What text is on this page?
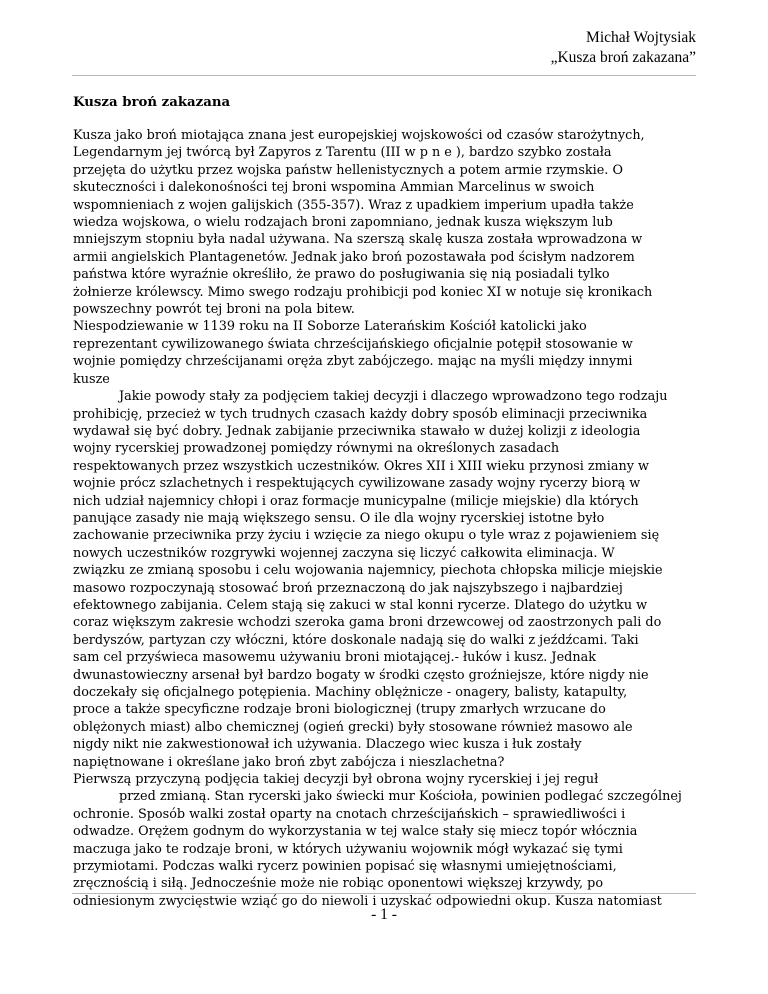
Michał Wojtysiak
„Kusza broń zakazana”
Kusza broń zakazana
Kusza jako broń miotająca znana jest europejskiej wojskowości od czasów starożytnych,
Legendarnym jej twórcą był Zapyros z Tarentu (III w p n e ), bardzo szybko została
przejęta do użytku przez wojska państw hellenistycznych a potem armie rzymskie. O
skuteczności i dalekonośności tej broni wspomina Ammian Marcelinus w swoich
wspomnieniach z wojen galijskich (355-357). Wraz z upadkiem imperium upadła także
wiedza wojskowa, o wielu rodzajach broni zapomniano, jednak kusza większym lub
mniejszym stopniu była nadal używana. Na szerszą skalę kusza została wprowadzona w
armii angielskich Plantagenetów. Jednak jako broń pozostawała pod ścisłym nadzorem
państwa które wyraźnie określiło, że prawo do posługiwania się nią posiadali tylko
żołnierze królewscy. Mimo swego rodzaju prohibicji pod koniec XI w notuje się kronikach
powszechny powrót tej broni na pola bitew.
Niespodziewanie w 1139 roku na II Soborze Laterańskim Kościół katolicki jako
reprezentant cywilizowanego świata chrześcijańskiego oficjalnie potępił stosowanie w
wojnie pomiędzy chrześcijanami oręża zbyt zabójczego. mając na myśli między innymi
kusze
Jakie powody stały za podjęciem takiej decyzji i dlaczego wprowadzono tego rodzaju
prohibicję, przecież w tych trudnych czasach każdy dobry sposób eliminacji przeciwnika
wydawał się być dobry. Jednak zabijanie przeciwnika stawało w dużej kolizji z ideologia
wojny rycerskiej prowadzonej pomiędzy równymi na określonych zasadach
respektowanych przez wszystkich uczestników. Okres XII i XIII wieku przynosi zmiany w
wojnie prócz szlachetnych i respektujących cywilizowane zasady wojny rycerzy biorą w
nich udział najemnicy chłopi i oraz formacje municypalne (milicje miejskie) dla których
panujące zasady nie mają większego sensu. O ile dla wojny rycerskiej istotne było
zachowanie przeciwnika przy życiu i wzięcie za niego okupu o tyle wraz z pojawieniem się
nowych uczestników rozgrywki wojennej zaczyna się liczyć całkowita eliminacja. W
związku ze zmianą sposobu i celu wojowania najemnicy, piechota chłopska milicje miejskie
masowo rozpoczynają stosować broń przeznaczoną do jak najszybszego i najbardziej
efektownego zabijania. Celem stają się zakuci w stal konni rycerze. Dlatego do użytku w
coraz większym zakresie wchodzi szeroka gama broni drzewcowej od zaostrzonych pali do
berdyszów, partyzan czy włóczni, które doskonale nadają się do walki z jeźdźcami. Taki
sam cel przyświeca masowemu używaniu broni miotającej.- łuków i kusz. Jednak
dwunastowieczny arsenał był bardzo bogaty w środki często groźniejsze, które nigdy nie
doczekały się oficjalnego potępienia. Machiny oblężnicze - onagery, balisty, katapulty,
proce a także specyficzne rodzaje broni biologicznej (trupy zmarłych wrzucane do
oblężonych miast) albo chemicznej (ogień grecki) były stosowane również masowo ale
nigdy nikt nie zakwestionował ich używania. Dlaczego wiec kusza i łuk zostały
napiętnowane i określane jako broń zbyt zabójcza i nieszlachetna?
Pierwszą przyczyną podjęcia takiej decyzji był obrona wojny rycerskiej i jej reguł
przed zmianą. Stan rycerski jako świecki mur Kościoła, powinien podlegać szczególnej
ochronie. Sposób walki został oparty na cnotach chrześcijańskich – sprawiedliwości i
odwadze. Orężem godnym do wykorzystania w tej walce stały się miecz topór włócznia
maczuga jako te rodzaje broni, w których używaniu wojownik mógł wykazać się tymi
przymiotami. Podczas walki rycerz powinien popisać się własnymi umiejętnościami,
zręcznością i siłą. Jednocześnie może nie robiąc oponentowi większej krzywdy, po
odniesionym zwycięstwie wziąć go do niewoli i uzyskać odpowiedni okup. Kusza natomiast
- 1 -
